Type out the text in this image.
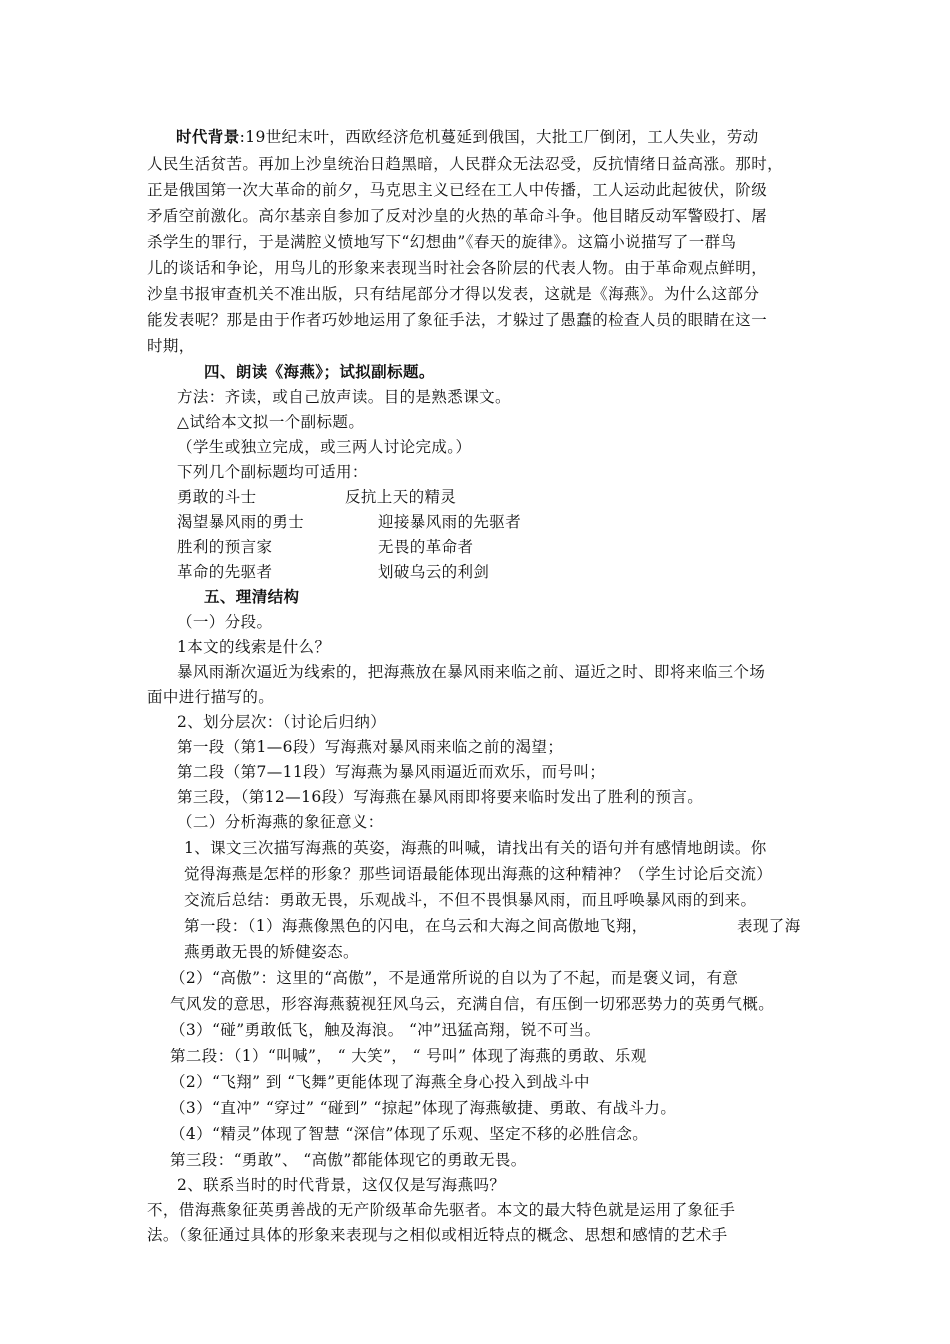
时代背景:19世纪末叶，西欧经济危机蔓延到俄国，大批工厂倒闭，工人失业，劳动
人民生活贫苦。再加上沙皇统治日趋黑暗，人民群众无法忍受，反抗情绪日益高涨。那时，
正是俄国第一次大革命的前夕，马克思主义已经在工人中传播，工人运动此起彼伏，阶级
矛盾空前激化。高尔基亲自参加了反对沙皇的火热的革命斗争。他目睹反动军警殴打、屠
杀学生的罪行，于是满腔义愤地写下“幻想曲”《春天的旋律》。这篇小说描写了一群鸟
儿的谈话和争论，用鸟儿的形象来表现当时社会各阶层的代表人物。由于革命观点鲜明，
沙皇书报审查机关不准出版，只有结尾部分才得以发表，这就是《海燕》。为什么这部分
能发表呢？那是由于作者巧妙地运用了象征手法，才躲过了愚蠢的检查人员的眼睛在这一
时期，
四、朗读《海燕》；试拟副标题。
方法：齐读，或自己放声读。目的是熟悉课文。
△试给本文拟一个副标题。
（学生或独立完成，或三两人讨论完成。）
下列几个副标题均可适用：
勇敢的斗士	反抗上天的精灵
渴望暴风雨的勇士	迎接暴风雨的先驱者
胜利的预言家	无畏的革命者
革命的先驱者	划破乌云的利剑
五、理清结构
（一）分段。
1本文的线索是什么？
暴风雨渐次逼近为线索的，把海燕放在暴风雨来临之前、逼近之时、即将来临三个场
面中进行描写的。
2、划分层次：（讨论后归纳）
第一段（第1—6段）写海燕对暴风雨来临之前的渴望；
第二段（第7—11段）写海燕为暴风雨逼近而欢乐，而号叫；
第三段，（第12—16段）写海燕在暴风雨即将要来临时发出了胜利的预言。
（二）分析海燕的象征意义：
1、课文三次描写海燕的英姿，海燕的叫喊，请找出有关的语句并有感情地朗读。你
觉得海燕是怎样的形象？那些词语最能体现出海燕的这种精神？（学生讨论后交流）
交流后总结：勇敢无畏，乐观战斗，不但不畏惧暴风雨，而且呼唤暴风雨的到来。
第一段：（1）海燕像黑色的闪电，在乌云和大海之间高傲地飞翔，	表现了海
燕勇敢无畏的矫健姿态。
（2）“高傲”：这里的“高傲”，不是通常所说的自以为了不起，而是褒义词，有意
气风发的意思，形容海燕藐视狂风乌云，充满自信，有压倒一切邪恶势力的英勇气概。
（3）“碰”勇敢低飞，触及海浪。 “冲”迅猛高翔，锐不可当。
第二段：（1）“叫喊”， “ 大笑”， “ 号叫” 体现了海燕的勇敢、乐观
（2）“飞翔” 到 “飞舞”更能体现了海燕全身心投入到战斗中
（3）“直冲” “穿过” “碰到” “掠起”体现了海燕敏捷、勇敢、有战斗力。
（4）“精灵”体现了智慧 “深信”体现了乐观、坚定不移的必胜信念。
第三段：“勇敢”、 “高傲”都能体现它的勇敢无畏。
2、联系当时的时代背景，这仅仅是写海燕吗？
不，借海燕象征英勇善战的无产阶级革命先驱者。本文的最大特色就是运用了象征手
法。（象征通过具体的形象来表现与之相似或相近特点的概念、思想和感情的艺术手
